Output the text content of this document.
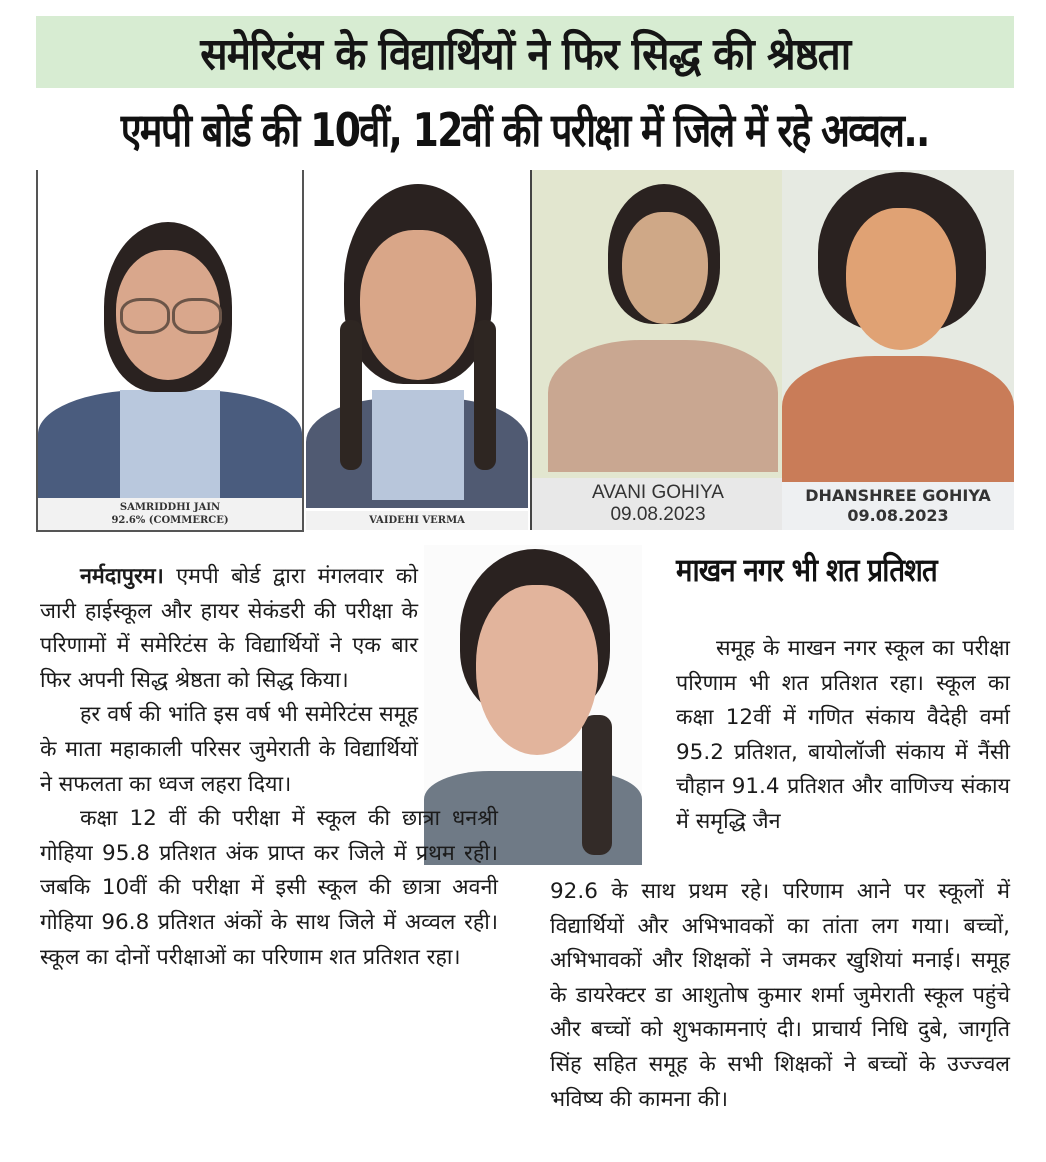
समेरिटंस के विद्यार्थियों ने फिर सिद्ध की श्रेष्ठता
एमपी बोर्ड की 10वीं, 12वीं की परीक्षा में जिले में रहे अव्वल..
SAMRIDDHI JAIN
92.6% (COMMERCE)	VAIDEHI VERMA
AVANI GOHIYA
09.08.2023
DHANSHREE GOHIYA
09.08.2023

नर्मदापुरम। एमपी बोर्ड द्वारा मंगलवार को जारी हाईस्कूल और हायर सेकंडरी की परीक्षा के परिणामों में समेरिटंस के विद्यार्थियों ने एक बार फिर अपनी सिद्ध श्रेष्ठता को सिद्ध किया।

हर वर्ष की भांति इस वर्ष भी समेरिटंस समूह के माता महाकाली परिसर जुमेराती के विद्यार्थियों ने सफलता का ध्वज लहरा दिया।

कक्षा 12 वीं की परीक्षा में स्कूल की छात्रा धनश्री गोहिया 95.8 प्रतिशत अंक प्राप्त कर जिले में प्रथम रही। जबकि 10वीं की परीक्षा में इसी स्कूल की छात्रा अवनी गोहिया 96.8 प्रतिशत अंकों के साथ जिले में अव्वल रही। स्कूल का दोनों परीक्षाओं का परिणाम शत प्रतिशत रहा।

माखन नगर भी शत प्रतिशत

समूह के माखन नगर स्कूल का परीक्षा परिणाम भी शत प्रतिशत रहा। स्कूल का कक्षा 12वीं में गणित संकाय वैदेही वर्मा 95.2 प्रतिशत, बायोलॉजी संकाय में नैंसी चौहान 91.4 प्रतिशत और वाणिज्य संकाय में समृद्धि जैन

92.6 के साथ प्रथम रहे। परिणाम आने पर स्कूलों में विद्यार्थियों और अभिभावकों का तांता लग गया। बच्चों, अभिभावकों और शिक्षकों ने जमकर खुशियां मनाई। समूह के डायरेक्टर डा आशुतोष कुमार शर्मा जुमेराती स्कूल पहुंचे और बच्चों को शुभकामनाएं दी। प्राचार्य निधि दुबे, जागृति सिंह सहित समूह के सभी शिक्षकों ने बच्चों के उज्ज्वल भविष्य की कामना की।
